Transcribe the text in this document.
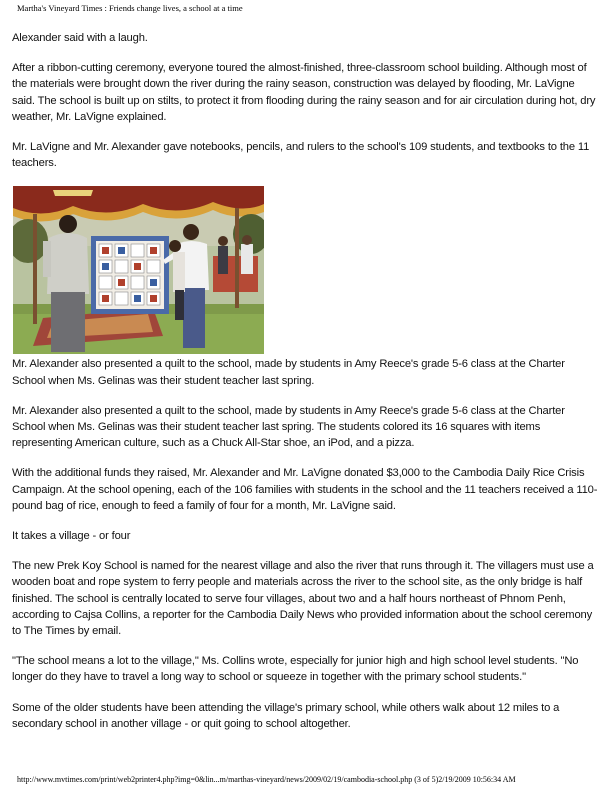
Martha's Vineyard Times : Friends change lives, a school at a time

Alexander said with a laugh.

After a ribbon-cutting ceremony, everyone toured the almost-finished, three-classroom school building. Although most of the materials were brought down the river during the rainy season, construction was delayed by flooding, Mr. LaVigne said. The school is built up on stilts, to protect it from flooding during the rainy season and for air circulation during hot, dry weather, Mr. LaVigne explained.

Mr. LaVigne and Mr. Alexander gave notebooks, pencils, and rulers to the school's 109 students, and textbooks to the 11 teachers.

Mr. Alexander also presented a quilt to the school, made by students in Amy Reece's grade 5-6 class at the Charter School when Ms. Gelinas was their student teacher last spring.

Mr. Alexander also presented a quilt to the school, made by students in Amy Reece's grade 5-6 class at the Charter School when Ms. Gelinas was their student teacher last spring. The students colored its 16 squares with items representing American culture, such as a Chuck All-Star shoe, an iPod, and a pizza.

With the additional funds they raised, Mr. Alexander and Mr. LaVigne donated $3,000 to the Cambodia Daily Rice Crisis Campaign. At the school opening, each of the 106 families with students in the school and the 11 teachers received a 110-pound bag of rice, enough to feed a family of four for a month, Mr. LaVigne said.

It takes a village - or four

The new Prek Koy School is named for the nearest village and also the river that runs through it. The villagers must use a wooden boat and rope system to ferry people and materials across the river to the school site, as the only bridge is half finished. The school is centrally located to serve four villages, about two and a half hours northeast of Phnom Penh, according to Cajsa Collins, a reporter for the Cambodia Daily News who provided information about the school ceremony to The Times by email.

"The school means a lot to the village," Ms. Collins wrote, especially for junior high and high school level students. "No longer do they have to travel a long way to school or squeeze in together with the primary school students."

Some of the older students have been attending the village's primary school, while others walk about 12 miles to a secondary school in another village - or quit going to school altogether.

http://www.mvtimes.com/print/web2printer4.php?img=0&lin...m/marthas-vineyard/news/2009/02/19/cambodia-school.php (3 of 5)2/19/2009 10:56:34 AM
